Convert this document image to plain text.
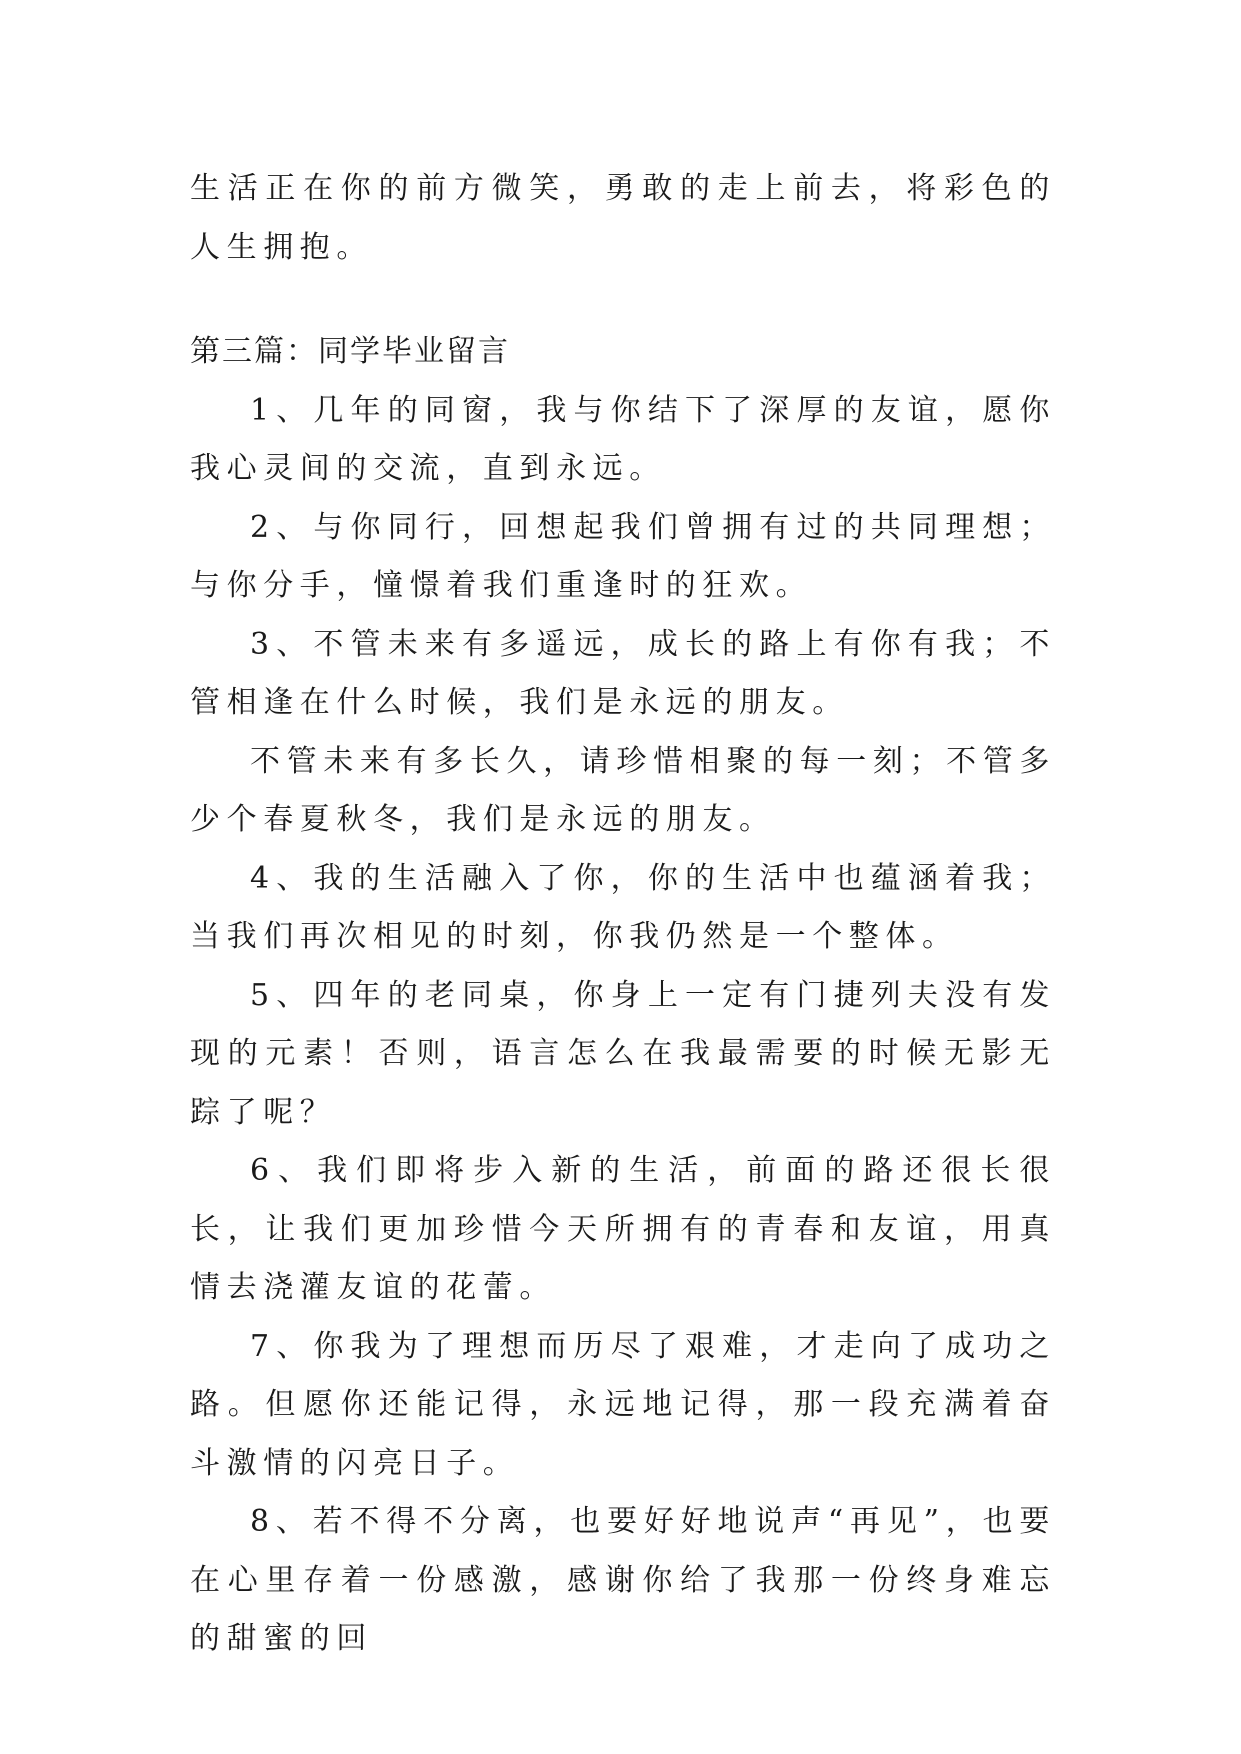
生活正在你的前方微笑，勇敢的走上前去，将彩色的人生拥抱。

第三篇：同学毕业留言

1、几年的同窗，我与你结下了深厚的友谊，愿你我心灵间的交流，直到永远。

2、与你同行，回想起我们曾拥有过的共同理想；与你分手，憧憬着我们重逢时的狂欢。

3、不管未来有多遥远，成长的路上有你有我；不管相逢在什么时候，我们是永远的朋友。

不管未来有多长久，请珍惜相聚的每一刻；不管多少个春夏秋冬，我们是永远的朋友。

4、我的生活融入了你，你的生活中也蕴涵着我；当我们再次相见的时刻，你我仍然是一个整体。

5、四年的老同桌，你身上一定有门捷列夫没有发现的元素！否则，语言怎么在我最需要的时候无影无踪了呢？

6、我们即将步入新的生活，前面的路还很长很长，让我们更加珍惜今天所拥有的青春和友谊，用真情去浇灌友谊的花蕾。

7、你我为了理想而历尽了艰难，才走向了成功之路。但愿你还能记得，永远地记得，那一段充满着奋斗激情的闪亮日子。

8、若不得不分离，也要好好地说声“再见”，也要在心里存着一份感激，感谢你给了我那一份终身难忘的甜蜜的回
